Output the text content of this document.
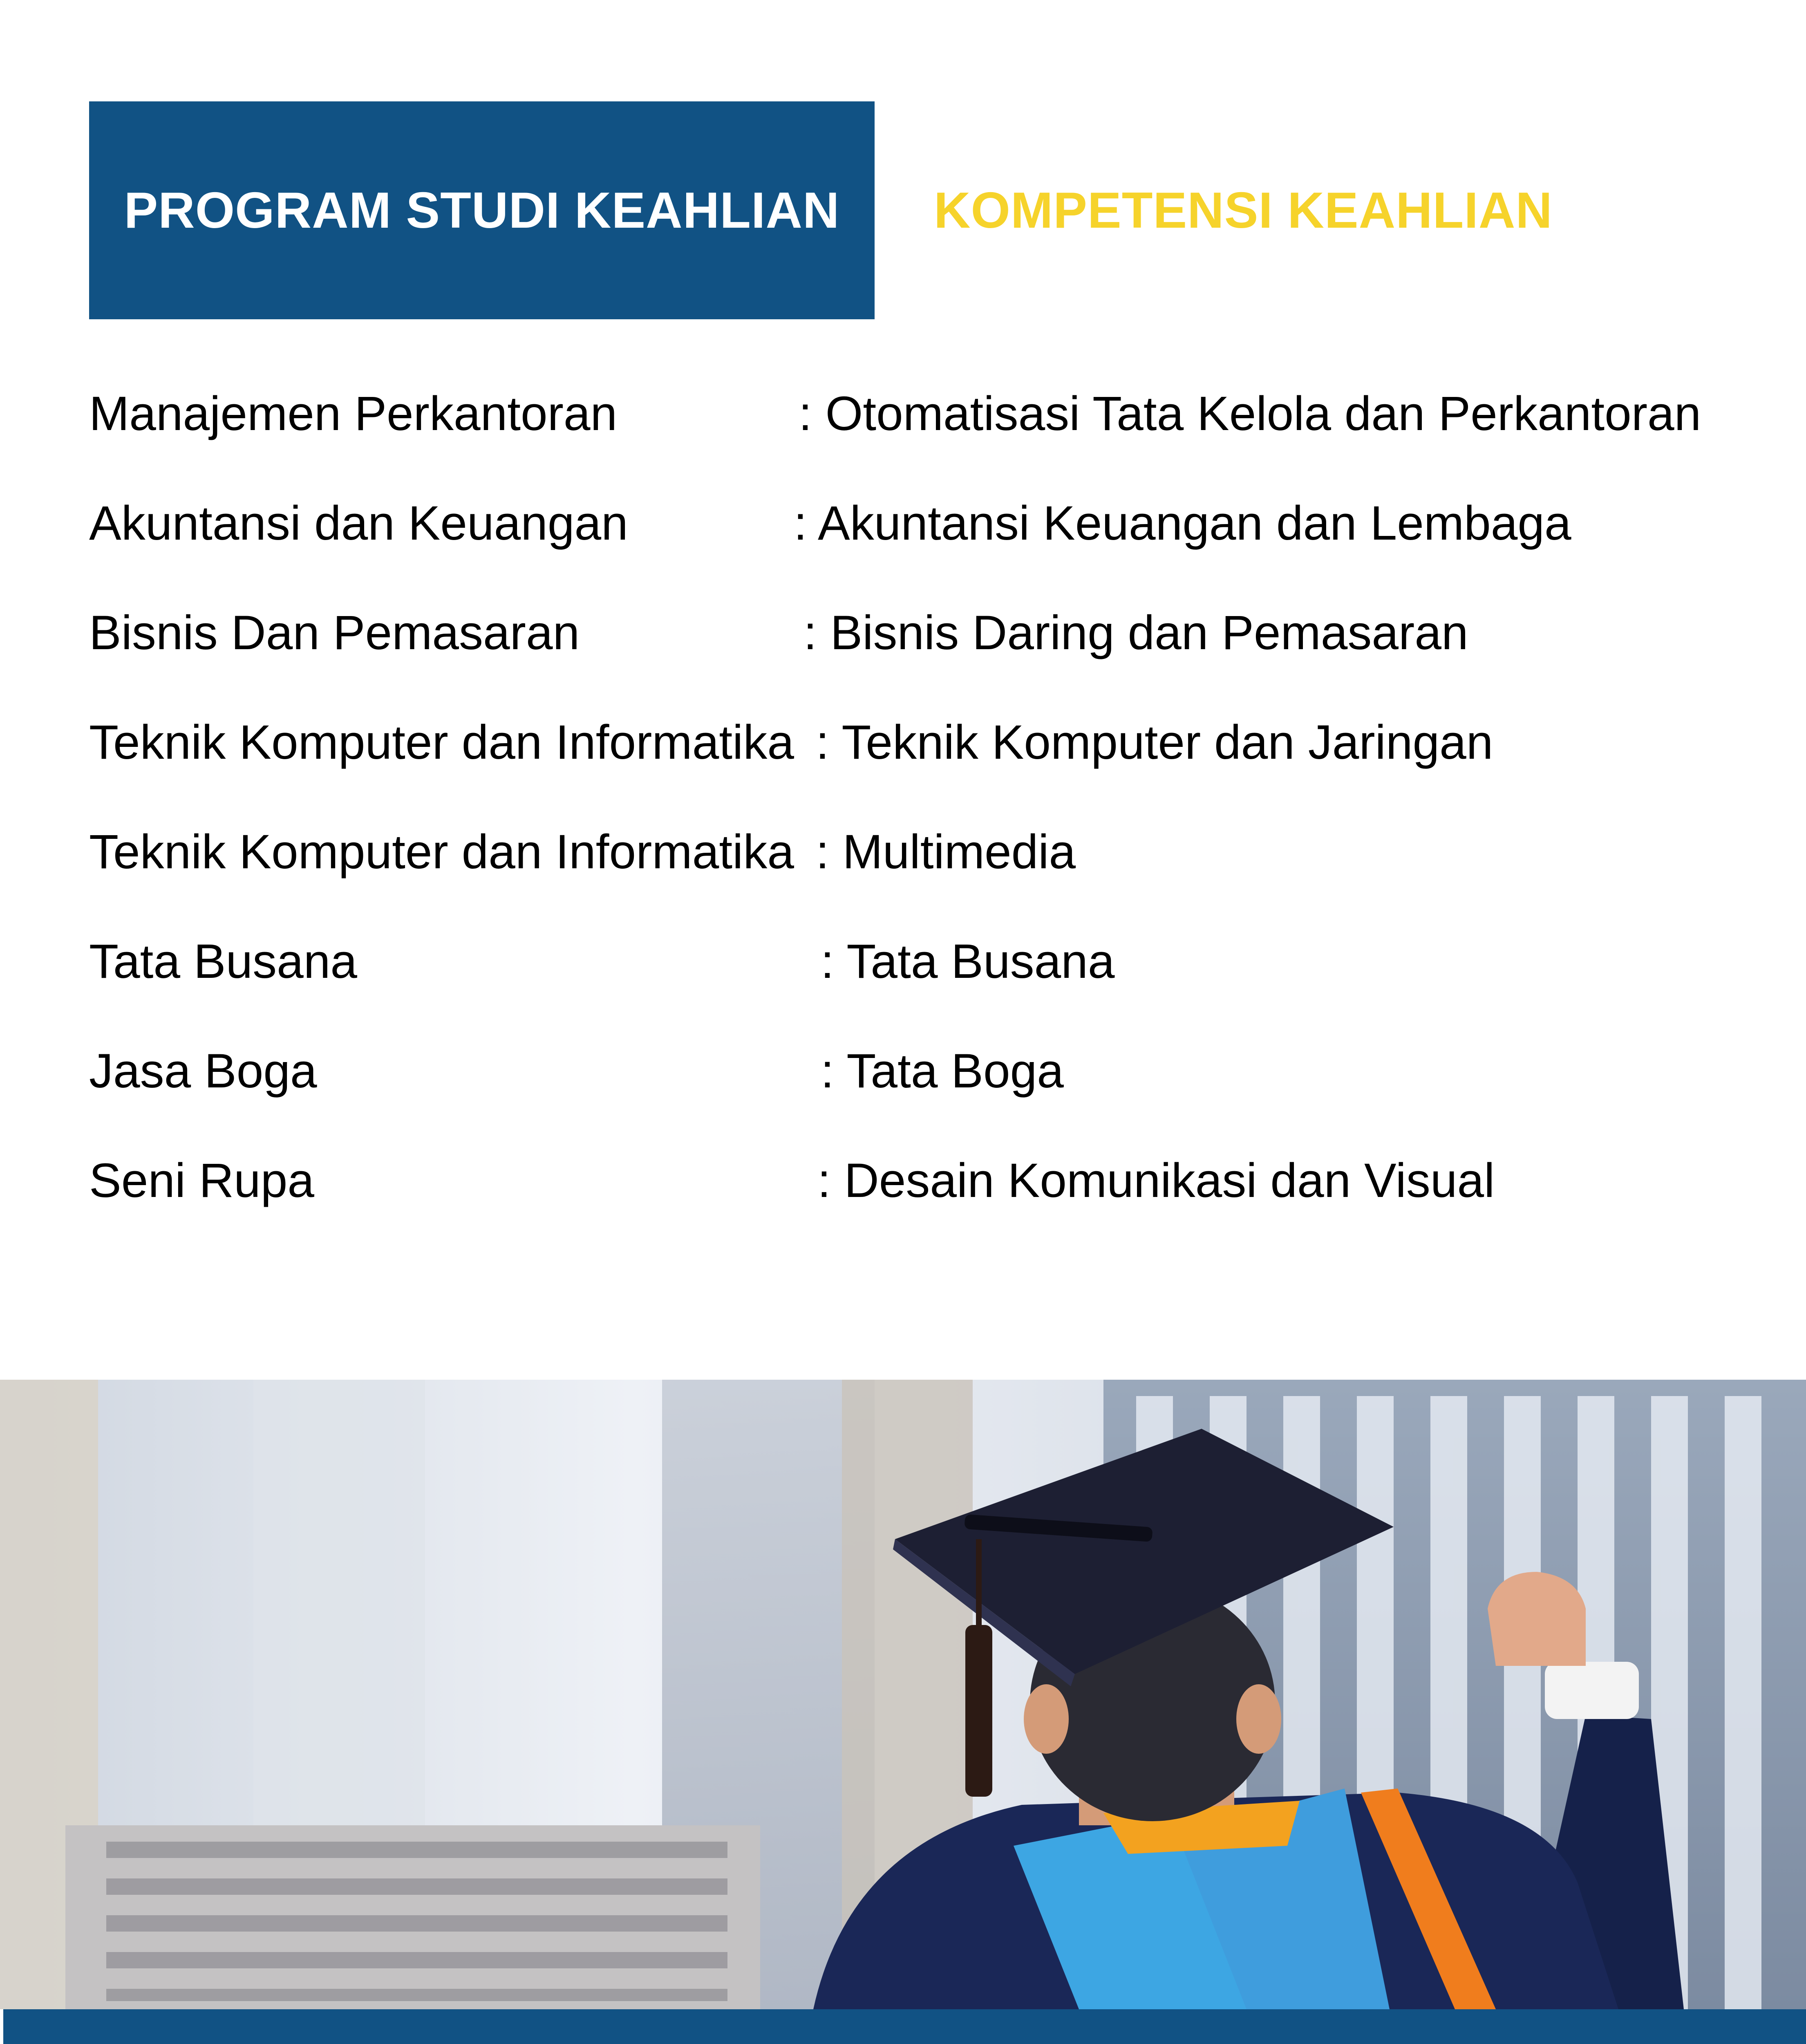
PROGRAM STUDI KEAHLIAN	KOMPETENSI KEAHLIAN
Manajemen Perkantoran	: Otomatisasi Tata Kelola dan Perkantoran
Akuntansi dan Keuangan	: Akuntansi Keuangan dan Lembaga
Bisnis Dan Pemasaran	: Bisnis Daring dan Pemasaran
Teknik Komputer dan Informatika : Teknik Komputer dan Jaringan
Teknik Komputer dan Informatika : Multimedia
Tata Busana	: Tata Busana
Jasa Boga	: Tata Boga
Seni Rupa	: Desain Komunikasi dan Visual
